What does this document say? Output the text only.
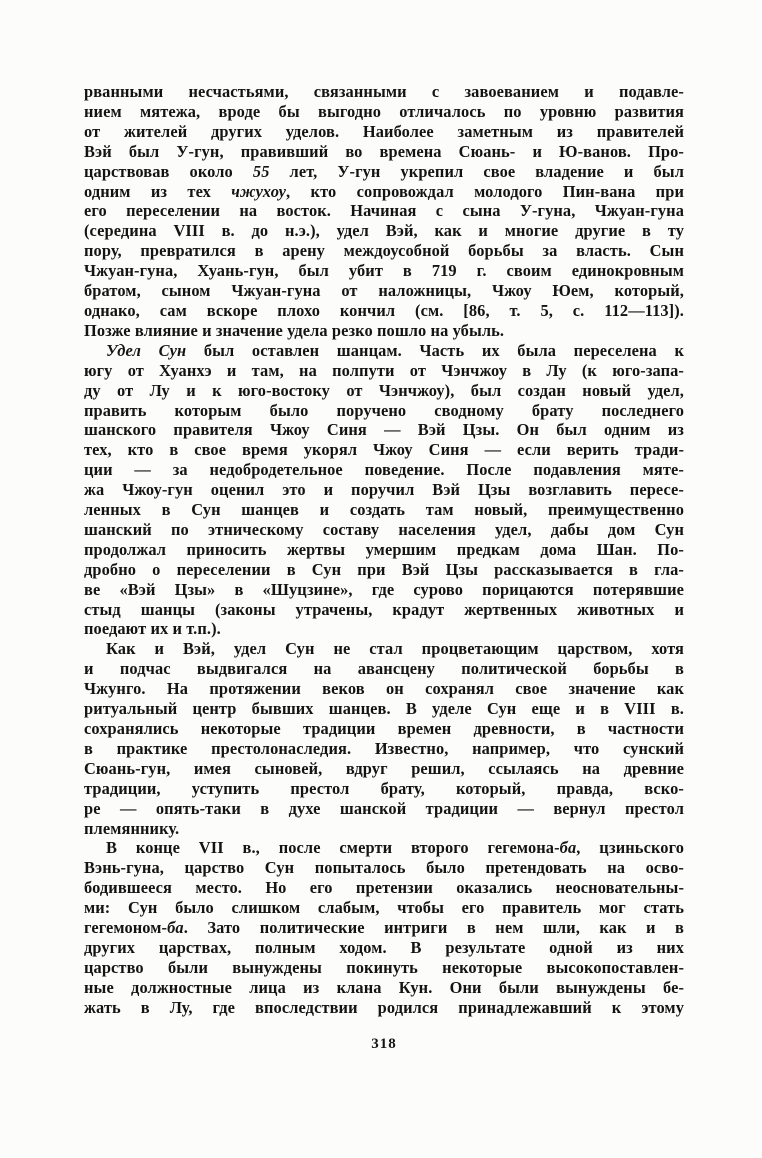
рванными несчастьями, связанными с завоеванием и подавле-
нием мятежа, вроде бы выгодно отличалось по уровню развития
от жителей других уделов. Наиболее заметным из правителей
Вэй был У-гун, правивший во времена Сюань- и Ю-ванов. Про-
царствовав около 55 лет, У-гун укрепил свое владение и был
одним из тех чжухоу, кто сопровождал молодого Пин-вана при
его переселении на восток. Начиная с сына У-гуна, Чжуан-гуна
(середина VIII в. до н.э.), удел Вэй, как и многие другие в ту
пору, превратился в арену междоусобной борьбы за власть. Сын
Чжуан-гуна, Хуань-гун, был убит в 719 г. своим единокровным
братом, сыном Чжуан-гуна от наложницы, Чжоу Юем, который,
однако, сам вскоре плохо кончил (см. [86, т. 5, с. 112—113]).
Позже влияние и значение удела резко пошло на убыль.
Удел Сун был оставлен шанцам. Часть их была переселена к
югу от Хуанхэ и там, на полпути от Чэнчжоу в Лу (к юго-запа-
ду от Лу и к юго-востоку от Чэнчжоу), был создан новый удел,
править которым было поручено сводному брату последнего
шанского правителя Чжоу Синя — Вэй Цзы. Он был одним из
тех, кто в свое время укорял Чжоу Синя — если верить тради-
ции — за недобродетельное поведение. После подавления мяте-
жа Чжоу-гун оценил это и поручил Вэй Цзы возглавить пересе-
ленных в Сун шанцев и создать там новый, преимущественно
шанский по этническому составу населения удел, дабы дом Сун
продолжал приносить жертвы умершим предкам дома Шан. По-
дробно о переселении в Сун при Вэй Цзы рассказывается в гла-
ве «Вэй Цзы» в «Шуцзине», где сурово порицаются потерявшие
стыд шанцы (законы утрачены, крадут жертвенных животных и
поедают их и т.п.).
Как и Вэй, удел Сун не стал процветающим царством, хотя
и подчас выдвигался на авансцену политической борьбы в
Чжунго. На протяжении веков он сохранял свое значение как
ритуальный центр бывших шанцев. В уделе Сун еще и в VIII в.
сохранялись некоторые традиции времен древности, в частности
в практике престолонаследия. Известно, например, что сунский
Сюань-гун, имея сыновей, вдруг решил, ссылаясь на древние
традиции, уступить престол брату, который, правда, вско-
ре — опять-таки в духе шанской традиции — вернул престол
племяннику.
В конце VII в., после смерти второго гегемона-ба, цзиньского
Вэнь-гуна, царство Сун попыталось было претендовать на осво-
бодившееся место. Но его претензии оказались неосновательны-
ми: Сун было слишком слабым, чтобы его правитель мог стать
гегемоном-ба. Зато политические интриги в нем шли, как и в
других царствах, полным ходом. В результате одной из них
царство были вынуждены покинуть некоторые высокопоставлен-
ные должностные лица из клана Кун. Они были вынуждены бе-
жать в Лу, где впоследствии родился принадлежавший к этому
318
